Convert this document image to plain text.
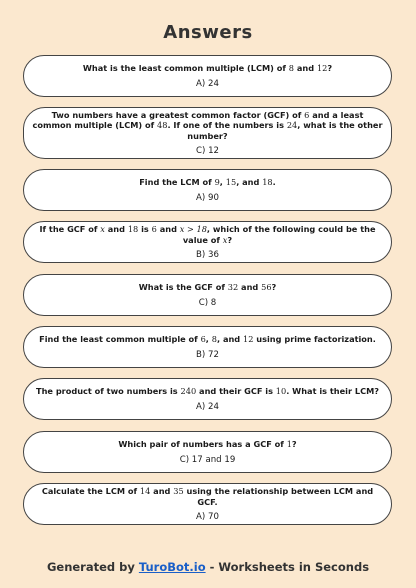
Answers
What is the least common multiple (LCM) of 8 and 12?
A) 24
Two numbers have a greatest common factor (GCF) of 6 and a least common multiple (LCM) of 48. If one of the numbers is 24, what is the other number?
C) 12
Find the LCM of 9, 15, and 18.
A) 90
If the GCF of x and 18 is 6 and x > 18, which of the following could be the value of x?
B) 36
What is the GCF of 32 and 56?
C) 8
Find the least common multiple of 6, 8, and 12 using prime factorization.
B) 72
The product of two numbers is 240 and their GCF is 10. What is their LCM?
A) 24
Which pair of numbers has a GCF of 1?
C) 17 and 19
Calculate the LCM of 14 and 35 using the relationship between LCM and GCF.
A) 70
Generated by TuroBot.io - Worksheets in Seconds
